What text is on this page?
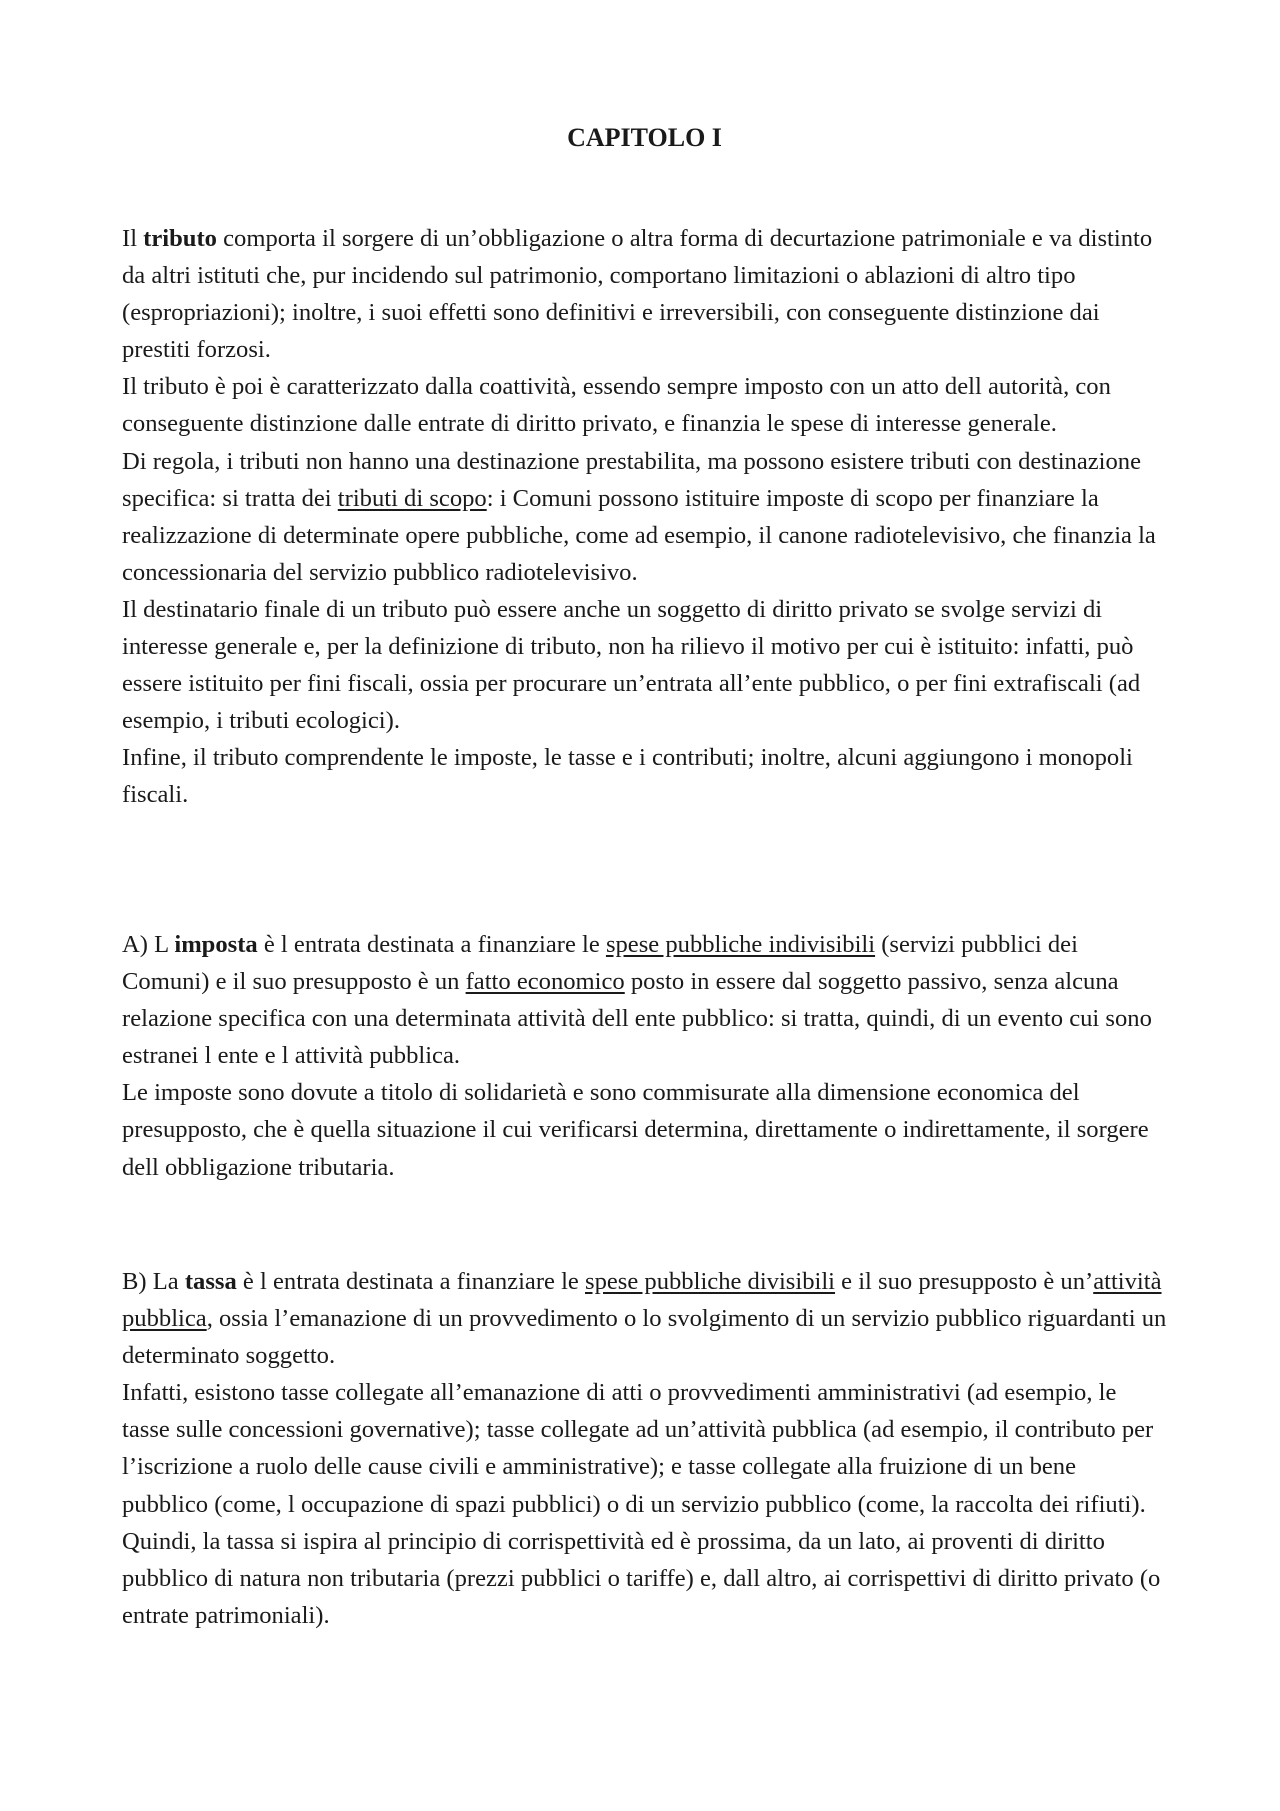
CAPITOLO I

Il tributo comporta il sorgere di un’obbligazione o altra forma di decurtazione patrimoniale e va distinto da altri istituti che, pur incidendo sul patrimonio, comportano limitazioni o ablazioni di altro tipo (espropriazioni); inoltre, i suoi effetti sono definitivi e irreversibili, con conseguente distinzione dai prestiti forzosi.

Il tributo è poi è caratterizzato dalla coattività, essendo sempre imposto con un atto dell autorità, con conseguente distinzione dalle entrate di diritto privato, e finanzia le spese di interesse generale.

Di regola, i tributi non hanno una destinazione prestabilita, ma possono esistere tributi con destinazione specifica: si tratta dei tributi di scopo: i Comuni possono istituire imposte di scopo per finanziare la realizzazione di determinate opere pubbliche, come ad esempio, il canone radiotelevisivo, che finanzia la concessionaria del servizio pubblico radiotelevisivo.

Il destinatario finale di un tributo può essere anche un soggetto di diritto privato se svolge servizi di interesse generale e, per la definizione di tributo, non ha rilievo il motivo per cui è istituito: infatti, può essere istituito per fini fiscali, ossia per procurare un’entrata all’ente pubblico, o per fini extrafiscali (ad esempio, i tributi ecologici).

Infine, il tributo comprendente le imposte, le tasse e i contributi; inoltre, alcuni aggiungono i monopoli fiscali.

A) L imposta è l entrata destinata a finanziare le spese pubbliche indivisibili (servizi pubblici dei Comuni) e il suo presupposto è un fatto economico posto in essere dal soggetto passivo, senza alcuna relazione specifica con una determinata attività dell ente pubblico: si tratta, quindi, di un evento cui sono estranei l ente e l attività pubblica.

Le imposte sono dovute a titolo di solidarietà e sono commisurate alla dimensione economica del presupposto, che è quella situazione il cui verificarsi determina, direttamente o indirettamente, il sorgere dell obbligazione tributaria.

B) La tassa è l entrata destinata a finanziare le spese pubbliche divisibili e il suo presupposto è un’attività pubblica, ossia l’emanazione di un provvedimento o lo svolgimento di un servizio pubblico riguardanti un determinato soggetto.

Infatti, esistono tasse collegate all’emanazione di atti o provvedimenti amministrativi (ad esempio, le tasse sulle concessioni governative); tasse collegate ad un’attività pubblica (ad esempio, il contributo per l’iscrizione a ruolo delle cause civili e amministrative); e tasse collegate alla fruizione di un bene pubblico (come, l occupazione di spazi pubblici) o di un servizio pubblico (come, la raccolta dei rifiuti).

Quindi, la tassa si ispira al principio di corrispettività ed è prossima, da un lato, ai proventi di diritto pubblico di natura non tributaria (prezzi pubblici o tariffe) e, dall altro, ai corrispettivi di diritto privato (o entrate patrimoniali).
